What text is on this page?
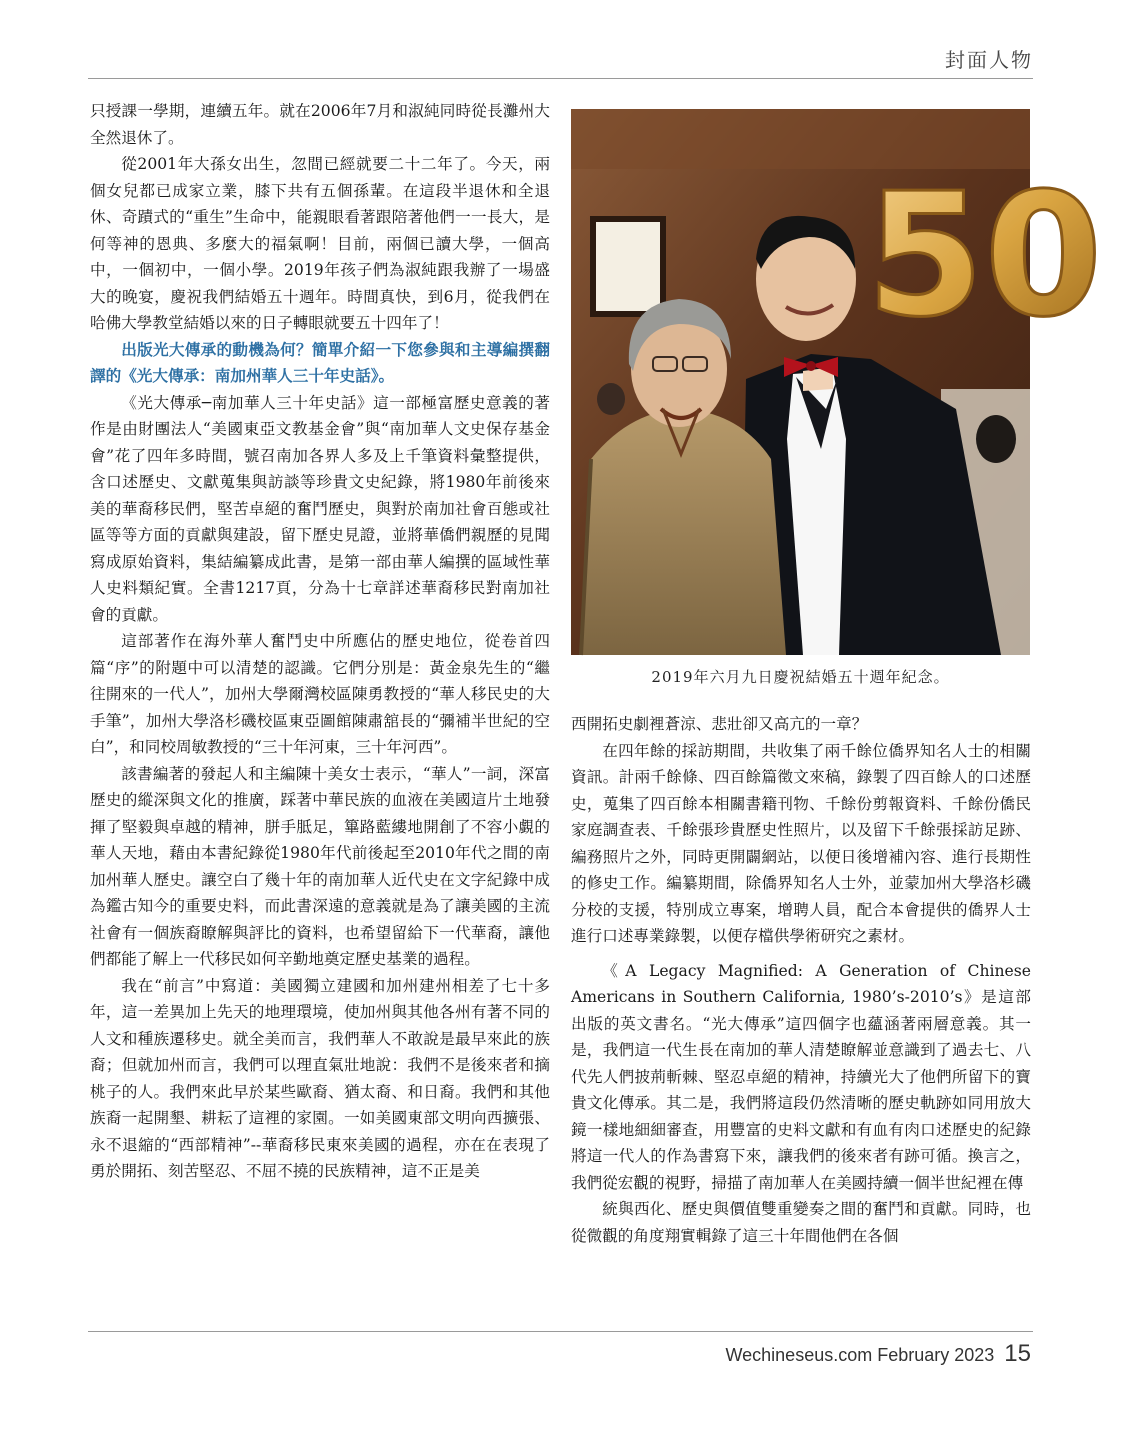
封面人物

只授課一學期，連續五年。就在2006年7月和淑純同時從長灘州大全然退休了。

從2001年大孫女出生，忽間已經就要二十二年了。今天，兩個女兒都已成家立業，膝下共有五個孫輩。在這段半退休和全退休、奇蹟式的“重生”生命中，能親眼看著跟陪著他們一一長大，是何等神的恩典、多麼大的福氣啊！目前，兩個已讀大學，一個高中，一個初中，一個小學。2019年孩子們為淑純跟我辦了一場盛大的晚宴，慶祝我們結婚五十週年。時間真快，到6月，從我們在哈佛大學教堂結婚以來的日子轉眼就要五十四年了！

出版光大傳承的動機為何？簡單介紹一下您參與和主導編撰翻譯的《光大傳承：南加州華人三十年史話》。

《光大傳承─南加華人三十年史話》這一部極富歷史意義的著作是由財團法人“美國東亞文教基金會”與“南加華人文史保存基金會”花了四年多時間，號召南加各界人多及上千筆資料彙整提供，含口述歷史、文獻蒐集與訪談等珍貴文史紀錄，將1980年前後來美的華裔移民們，堅苦卓絕的奮鬥歷史，與對於南加社會百態或社區等等方面的貢獻與建設，留下歷史見證，並將華僑們親歷的見聞寫成原始資料，集結編纂成此書，是第一部由華人編撰的區域性華人史料類紀實。全書1217頁，分為十七章詳述華裔移民對南加社會的貢獻。

這部著作在海外華人奮鬥史中所應佔的歷史地位，從卷首四篇“序”的附題中可以清楚的認識。它們分別是：黃金泉先生的“繼往開來的一代人”，加州大學爾灣校區陳勇教授的“華人移民史的大手筆”，加州大學洛杉磯校區東亞圖館陳肅舘長的“彌補半世紀的空白”，和同校周敏教授的“三十年河東，三十年河西”。

該書編著的發起人和主編陳十美女士表示，“華人”一詞，深富歷史的縱深與文化的推廣，踩著中華民族的血液在美國這片土地發揮了堅毅與卓越的精神，胼手胝足，篳路藍縷地開創了不容小覷的華人天地，藉由本書紀錄從1980年代前後起至2010年代之間的南加州華人歷史。讓空白了幾十年的南加華人近代史在文字紀錄中成為鑑古知今的重要史料，而此書深遠的意義就是為了讓美國的主流社會有一個族裔瞭解與評比的資料，也希望留給下一代華裔，讓他們都能了解上一代移民如何辛勤地奠定歷史基業的過程。

我在“前言”中寫道：美國獨立建國和加州建州相差了七十多年，這一差異加上先天的地理環境，使加州與其他各州有著不同的人文和種族遷移史。就全美而言，我們華人不敢說是最早來此的族裔；但就加州而言，我們可以理直氣壯地說：我們不是後來者和摘桃子的人。我們來此早於某些歐裔、猶太裔、和日裔。我們和其他族裔一起開墾、耕耘了這裡的家園。一如美國東部文明向西擴張、永不退縮的“西部精神”--華裔移民東來美國的過程，亦在在表現了勇於開拓、刻苦堅忍、不屈不撓的民族精神，這不正是美

50
2019年六月九日慶祝結婚五十週年紀念。

西開拓史劇裡蒼涼、悲壯卻又高亢的一章？

在四年餘的採訪期間，共收集了兩千餘位僑界知名人士的相關資訊。計兩千餘條、四百餘篇徵文來稿，錄製了四百餘人的口述歷史，蒐集了四百餘本相關書籍刊物、千餘份剪報資料、千餘份僑民家庭調查表、千餘張珍貴歷史性照片，以及留下千餘張採訪足跡、編務照片之外，同時更開闢網站，以便日後增補內容、進行長期性的修史工作。編纂期間，除僑界知名人士外，並蒙加州大學洛杉磯分校的支援，特別成立專案，增聘人員，配合本會提供的僑界人士進行口述專業錄製，以便存檔供學術研究之素材。

《A Legacy Magnified: A Generation of Chinese Americans in Southern California, 1980’s-2010’s》是這部出版的英文書名。“光大傳承”這四個字也蘊涵著兩層意義。其一是，我們這一代生長在南加的華人清楚瞭解並意識到了過去七、八代先人們披荊斬棘、堅忍卓絕的精神，持續光大了他們所留下的寶貴文化傳承。其二是，我們將這段仍然清晰的歷史軌跡如同用放大鏡一樣地細細審查，用豐富的史料文獻和有血有肉口述歷史的紀錄將這一代人的作為書寫下來，讓我們的後來者有跡可循。換言之，我們從宏觀的視野，掃描了南加華人在美國持續一個半世紀裡在傳

統與西化、歷史與價值雙重變奏之間的奮鬥和貢獻。同時，也從微觀的角度翔實輯錄了這三十年間他們在各個

Wechineseus.com February 2023 15
